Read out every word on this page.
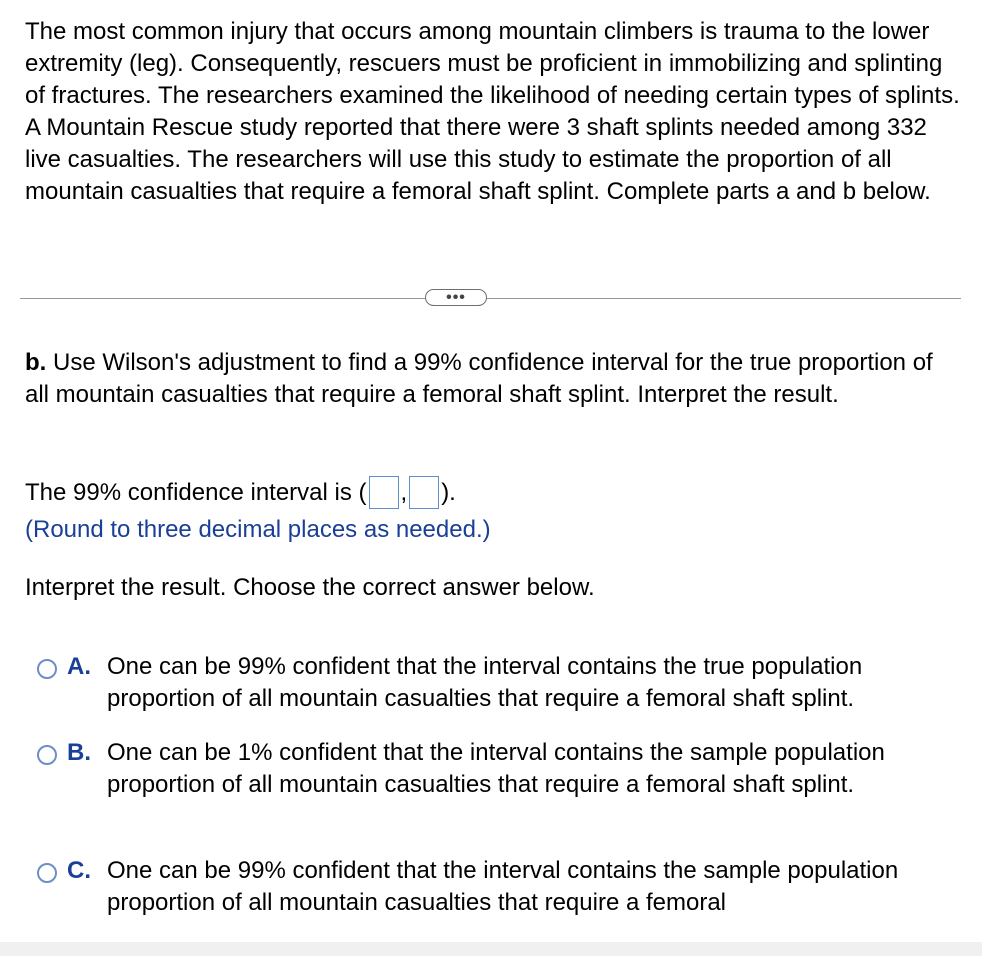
The most common injury that occurs among mountain climbers is trauma to the lower extremity (leg). Consequently, rescuers must be proficient in immobilizing and splinting of fractures. The researchers examined the likelihood of needing certain types of splints. A Mountain Rescue study reported that there were 3 shaft splints needed among 332 live casualties. The researchers will use this study to estimate the proportion of all mountain casualties that require a femoral shaft splint. Complete parts a and b below.

•••

b. Use Wilson's adjustment to find a 99% confidence interval for the true proportion of all mountain casualties that require a femoral shaft splint. Interpret the result.

The 99% confidence interval is ( , ).
(Round to three decimal places as needed.)
Interpret the result. Choose the correct answer below.
A. One can be 99% confident that the interval contains the true population proportion of all mountain casualties that require a femoral shaft splint.
B. One can be 1% confident that the interval contains the sample population proportion of all mountain casualties that require a femoral shaft splint.
C. One can be 99% confident that the interval contains the sample population proportion of all mountain casualties that require a femoral
